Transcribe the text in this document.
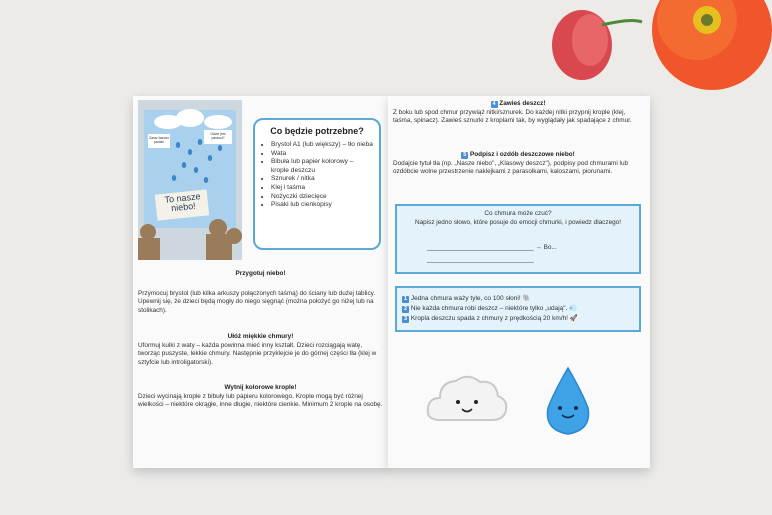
Zaraz bardzo padać!
Gdzie jest parasol?
To nasze niebo!
Co będzie potrzebne?
• Brystol A1 (lub większy) – tło nieba
• Wata
• Bibuła lub papier kolorowy – krople deszczu
• Sznurek / nitka
• Klej i taśma
• Nożyczki dziecięce
• Pisaki lub cienkopisy
Przygotuj niebo!
Przymocuj brystol (lub kilka arkuszy połączonych taśmą) do ściany lub dużej tablicy. Upewnij się, że dzieci będą mogły do niego sięgnąć (można położyć go niżej lub na stolikach).
Ułóż miękkie chmury!
Uformuj kulki z waty – każda powinna mieć inny kształt. Dzieci rozciągają watę, tworząc puszyste, lekkie chmury. Następnie przyklejcie je do górnej części tła (klej w sztyfcie lub introligatorski).
Wytnij kolorowe krople!
Dzieci wycinają krople z bibuły lub papieru kolorowego. Krople mogą być różnej wielkości – niektóre okrągłe, inne długie, niektóre cienkie. Minimum 2 krople na osobę.
4 Zawieś deszcz!
Z boku lub spod chmur przywiąż nitki/sznurek. Do każdej nitki przypnij krople (klej, taśma, spinacz). Zawieś sznurki z kroplami tak, by wyglądały jak spadające z chmur.
5 Podpisz i ozdób deszczowe niebo!
Dodajcie tytuł tła (np. „Nasze niebo", „Klasowy deszcz"), podpisy pod chmurami lub ozdóbcie wolne przestrzenie naklejkami z parasolkami, kaloszami, piorunami.
Co chmura może czuć?
Napisz jedno słowo, które posuje do emocji chmurki, i powiedz dlaczego!
______________________________ → Bo...
______________________________
1 Jedna chmura waży tyle, co 100 słoni! 🐘
2 Nie każda chmura robi deszcz – niektóre tylko „udają". 💨
3 Kropla deszczu spada z chmury z prędkością 20 km/h! 🚀
